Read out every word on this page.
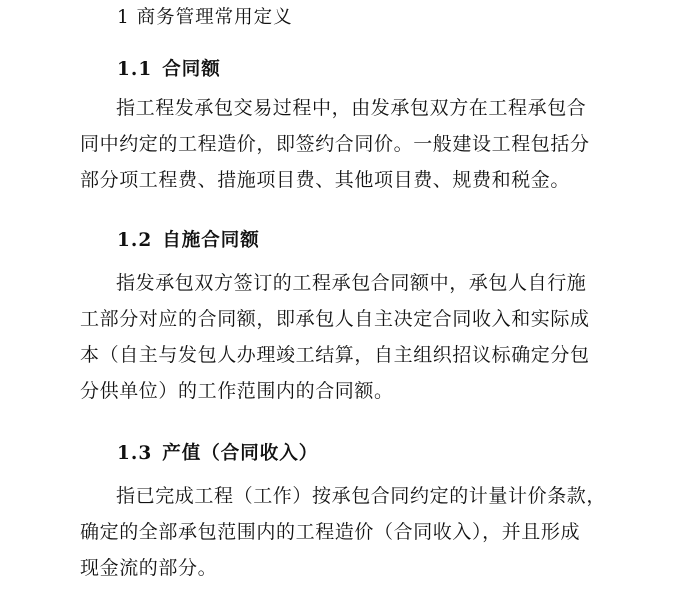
1 商务管理常用定义
1.1 合同额
指工程发承包交易过程中，由发承包双方在工程承包合
同中约定的工程造价，即签约合同价。一般建设工程包括分
部分项工程费、措施项目费、其他项目费、规费和税金。
1.2 自施合同额
指发承包双方签订的工程承包合同额中，承包人自行施
工部分对应的合同额，即承包人自主决定合同收入和实际成
本（自主与发包人办理竣工结算，自主组织招议标确定分包
分供单位）的工作范围内的合同额。
1.3 产值（合同收入）
指已完成工程（工作）按承包合同约定的计量计价条款，
确定的全部承包范围内的工程造价（合同收入），并且形成
现金流的部分。
